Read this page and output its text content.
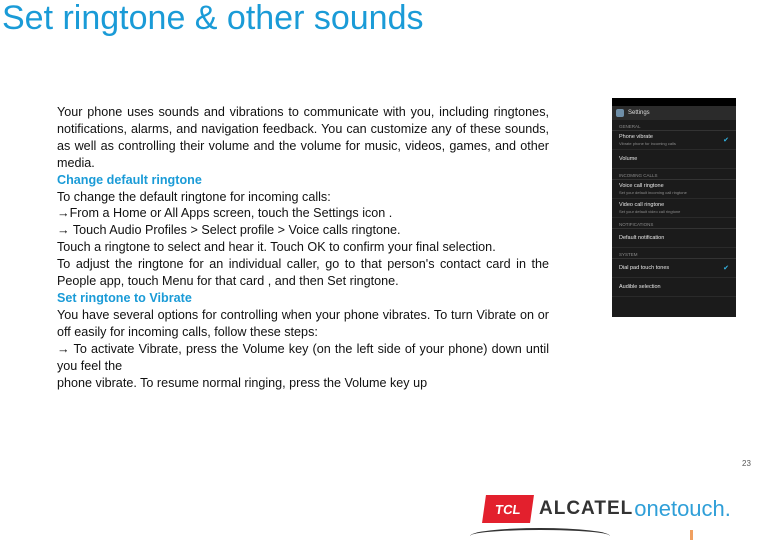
Set ringtone & other sounds

Your phone uses sounds and vibrations to communicate with you, including ringtones, notifications, alarms, and navigation feedback. You can customize any of these sounds, as well as controlling their volume and the volume for music, videos, games, and other media.

Change default ringtone

To change the default ringtone for incoming calls:

→From a Home or All Apps screen, touch the Settings icon .

→ Touch Audio Profiles > Select profile > Voice calls ringtone.

Touch a ringtone to select and hear it. Touch OK to confirm your final selection.

To adjust the ringtone for an individual caller, go to that person's contact card in the People app, touch Menu for that card , and then Set ringtone.

Set ringtone to Vibrate

You have several options for controlling when your phone vibrates. To turn Vibrate on or off easily for incoming calls, follow these steps:

→ To activate Vibrate, press the Volume key (on the left side of your phone) down until you feel the

phone vibrate. To resume normal ringing, press the Volume key up

Settings
GENERAL
Phone vibrate
Vibrate phone for incoming calls	✔
Volume
INCOMING CALLS
Voice call ringtone
Set your default incoming call ringtone
Video call ringtone
Set your default video call ringtone
NOTIFICATIONS
Default notification
SYSTEM
Dial pad touch tones	✔
Audible selection
23
TCL ALCATEL onetouch.
